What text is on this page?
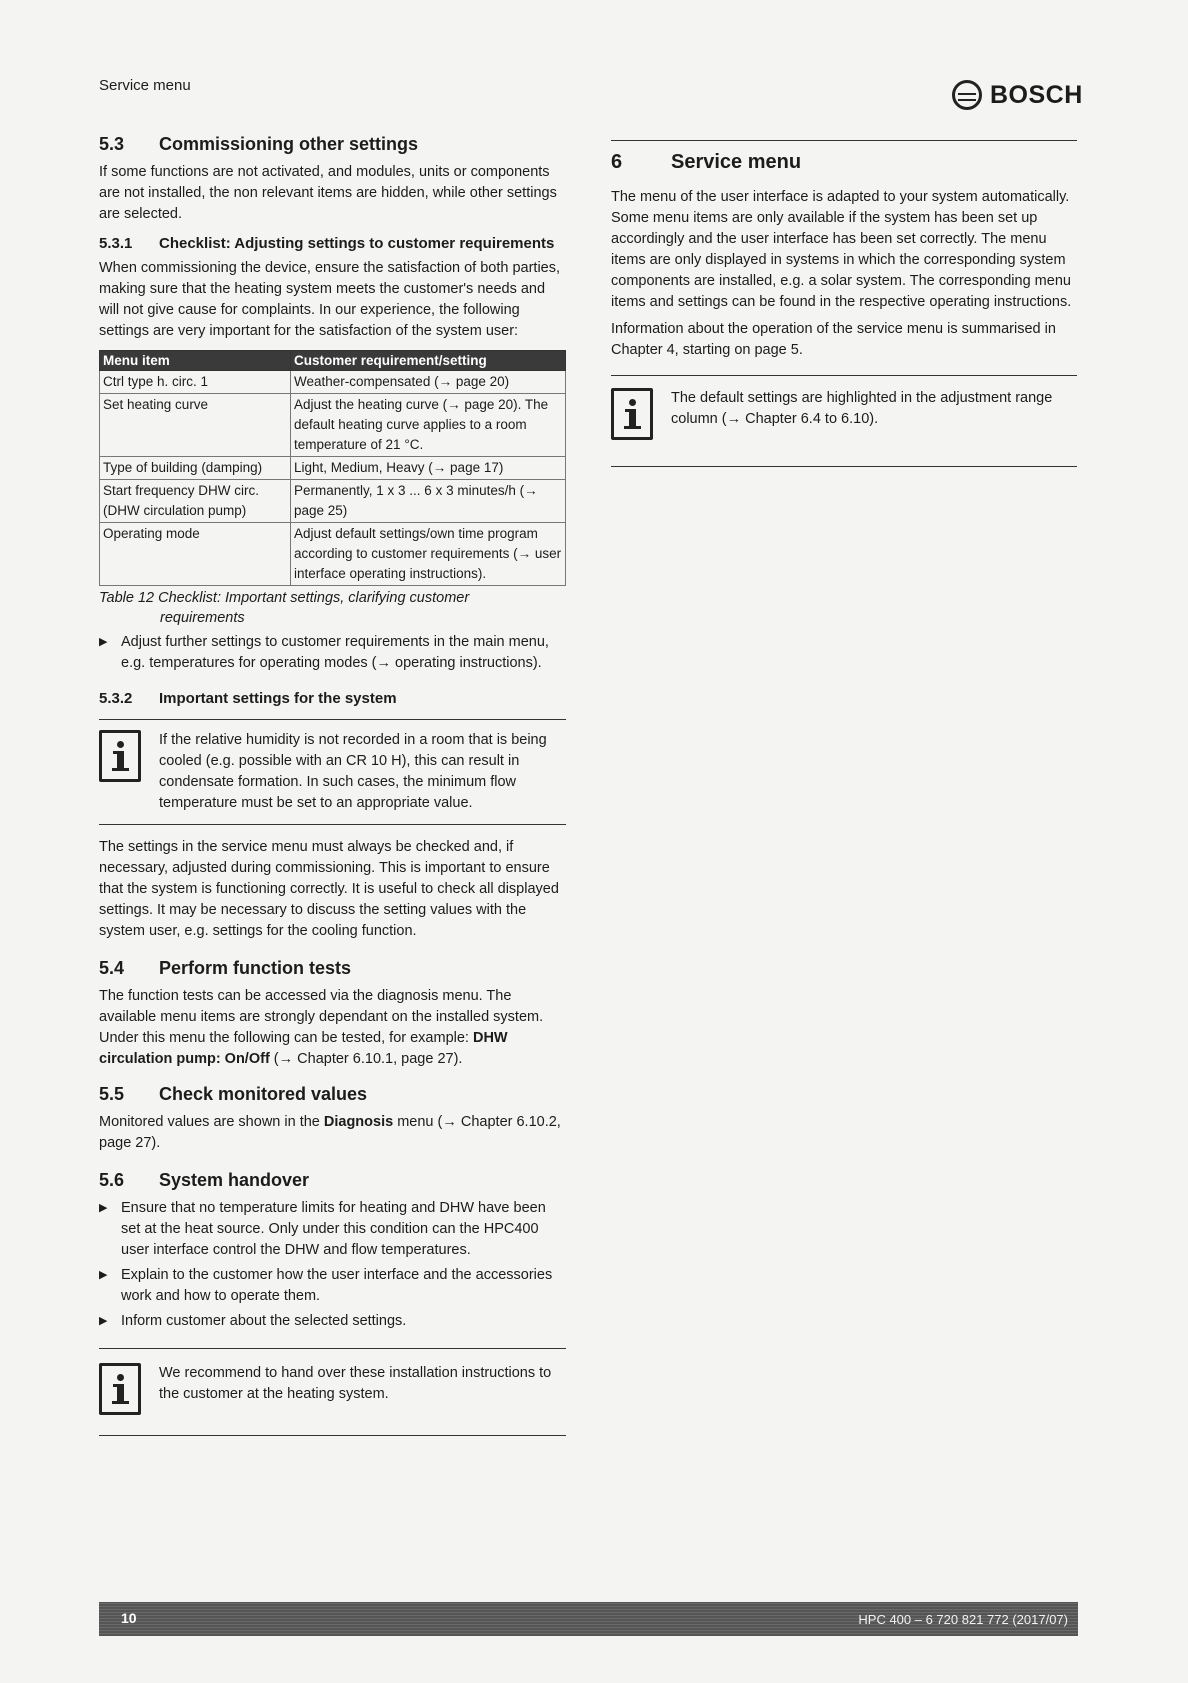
Service menu	BOSCH
5.3	Commissioning other settings
If some functions are not activated, and modules, units or components are not installed, the non relevant items are hidden, while other settings are selected.
5.3.1	Checklist: Adjusting settings to customer requirements
When commissioning the device, ensure the satisfaction of both parties, making sure that the heating system meets the customer's needs and will not give cause for complaints. In our experience, the following settings are very important for the satisfaction of the system user:
Menu item	Customer requirement/setting
Ctrl type h. circ. 1	Weather-compensated (→ page 20)
Set heating curve	Adjust the heating curve (→ page 20). The default heating curve applies to a room temperature of 21 °C.
Type of building (damping)	Light, Medium, Heavy (→ page 17)
Start frequency DHW circ. (DHW circulation pump)	Permanently, 1 x 3 ... 6 x 3 minutes/h (→ page 25)
Operating mode	Adjust default settings/own time program according to customer requirements (→ user interface operating instructions).
Table 12 Checklist: Important settings, clarifying customer
requirements
▶ Adjust further settings to customer requirements in the main menu, e.g. temperatures for operating modes (→ operating instructions).
5.3.2	Important settings for the system
If the relative humidity is not recorded in a room that is being cooled (e.g. possible with an CR 10 H), this can result in condensate formation. In such cases, the minimum flow temperature must be set to an appropriate value.
The settings in the service menu must always be checked and, if necessary, adjusted during commissioning. This is important to ensure that the system is functioning correctly. It is useful to check all displayed settings. It may be necessary to discuss the setting values with the system user, e.g. settings for the cooling function.
5.4	Perform function tests
The function tests can be accessed via the diagnosis menu. The available menu items are strongly dependant on the installed system. Under this menu the following can be tested, for example: DHW circulation pump: On/Off (→ Chapter 6.10.1, page 27).
5.5	Check monitored values
Monitored values are shown in the Diagnosis menu (→ Chapter 6.10.2, page 27).
5.6	System handover
▶ Ensure that no temperature limits for heating and DHW have been set at the heat source. Only under this condition can the HPC400 user interface control the DHW and flow temperatures.
▶ Explain to the customer how the user interface and the accessories work and how to operate them.
▶ Inform customer about the selected settings.
We recommend to hand over these installation instructions to the customer at the heating system.
6	Service menu
The menu of the user interface is adapted to your system automatically. Some menu items are only available if the system has been set up accordingly and the user interface has been set correctly. The menu items are only displayed in systems in which the corresponding system components are installed, e.g. a solar system. The corresponding menu items and settings can be found in the respective operating instructions.
Information about the operation of the service menu is summarised in Chapter 4, starting on page 5.
The default settings are highlighted in the adjustment range column (→ Chapter 6.4 to 6.10).
10	HPC 400 – 6 720 821 772 (2017/07)
